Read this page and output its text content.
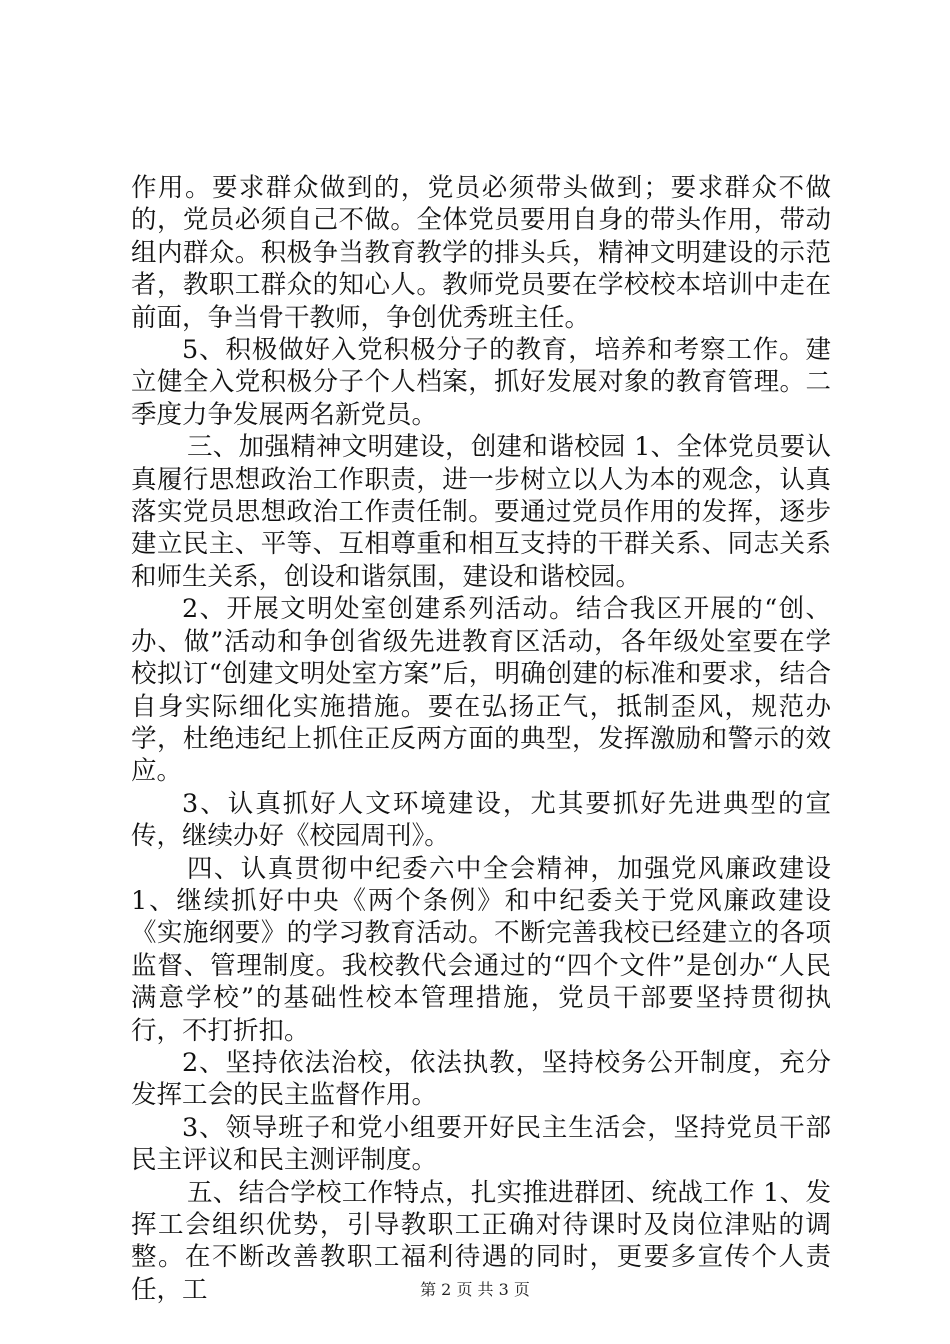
作用。要求群众做到的，党员必须带头做到；要求群众不做的，党员必须自己不做。全体党员要用自身的带头作用，带动组内群众。积极争当教育教学的排头兵，精神文明建设的示范者，教职工群众的知心人。教师党员要在学校校本培训中走在前面，争当骨干教师，争创优秀班主任。

5、积极做好入党积极分子的教育，培养和考察工作。建立健全入党积极分子个人档案，抓好发展对象的教育管理。二季度力争发展两名新党员。

三、加强精神文明建设，创建和谐校园 1、全体党员要认真履行思想政治工作职责，进一步树立以人为本的观念，认真落实党员思想政治工作责任制。要通过党员作用的发挥，逐步建立民主、平等、互相尊重和相互支持的干群关系、同志关系和师生关系，创设和谐氛围，建设和谐校园。

2、开展文明处室创建系列活动。结合我区开展的“创、办、做”活动和争创省级先进教育区活动，各年级处室要在学校拟订“创建文明处室方案”后，明确创建的标准和要求，结合自身实际细化实施措施。要在弘扬正气，抵制歪风，规范办学，杜绝违纪上抓住正反两方面的典型，发挥激励和警示的效应。

3、认真抓好人文环境建设，尤其要抓好先进典型的宣传，继续办好《校园周刊》。

四、认真贯彻中纪委六中全会精神，加强党风廉政建设 1、继续抓好中央《两个条例》和中纪委关于党风廉政建设《实施纲要》的学习教育活动。不断完善我校已经建立的各项监督、管理制度。我校教代会通过的“四个文件”是创办“人民满意学校”的基础性校本管理措施，党员干部要坚持贯彻执行，不打折扣。

2、坚持依法治校，依法执教，坚持校务公开制度，充分发挥工会的民主监督作用。

3、领导班子和党小组要开好民主生活会，坚持党员干部民主评议和民主测评制度。

五、结合学校工作特点，扎实推进群团、统战工作 1、发挥工会组织优势，引导教职工正确对待课时及岗位津贴的调整。在不断改善教职工福利待遇的同时，更要多宣传个人责任，工	第 2 页 共 3 页
